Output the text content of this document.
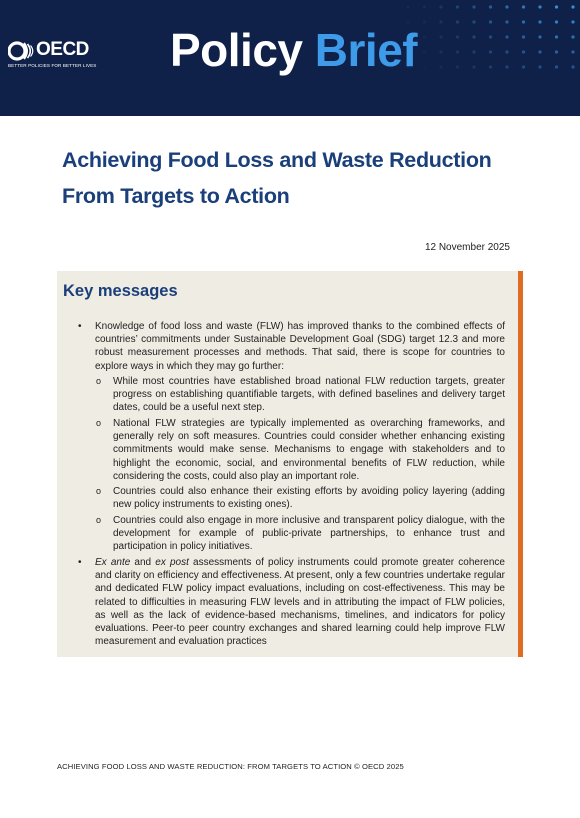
OECD
BETTER POLICIES FOR BETTER LIVES Policy Brief
Achieving Food Loss and Waste Reduction
From Targets to Action
12 November 2025
Key messages
• Knowledge of food loss and waste (FLW) has improved thanks to the combined effects of countries’ commitments under Sustainable Development Goal (SDG) target 12.3 and more robust measurement processes and methods. That said, there is scope for countries to explore ways in which they may go further:

o While most countries have established broad national FLW reduction targets, greater progress on establishing quantifiable targets, with defined baselines and delivery target dates, could be a useful next step.

o National FLW strategies are typically implemented as overarching frameworks, and generally rely on soft measures. Countries could consider whether enhancing existing commitments would make sense. Mechanisms to engage with stakeholders and to highlight the economic, social, and environmental benefits of FLW reduction, while considering the costs, could also play an important role.

o Countries could also enhance their existing efforts by avoiding policy layering (adding new policy instruments to existing ones).

o Countries could also engage in more inclusive and transparent policy dialogue, with the development for example of public-private partnerships, to enhance trust and participation in policy initiatives.

• Ex ante and ex post assessments of policy instruments could promote greater coherence and clarity on efficiency and effectiveness. At present, only a few countries undertake regular and dedicated FLW policy impact evaluations, including on cost-effectiveness. This may be related to difficulties in measuring FLW levels and in attributing the impact of FLW policies, as well as the lack of evidence-based mechanisms, timelines, and indicators for policy evaluations. Peer-to peer country exchanges and shared learning could help improve FLW measurement and evaluation practices

ACHIEVING FOOD LOSS AND WASTE REDUCTION: FROM TARGETS TO ACTION © OECD 2025
